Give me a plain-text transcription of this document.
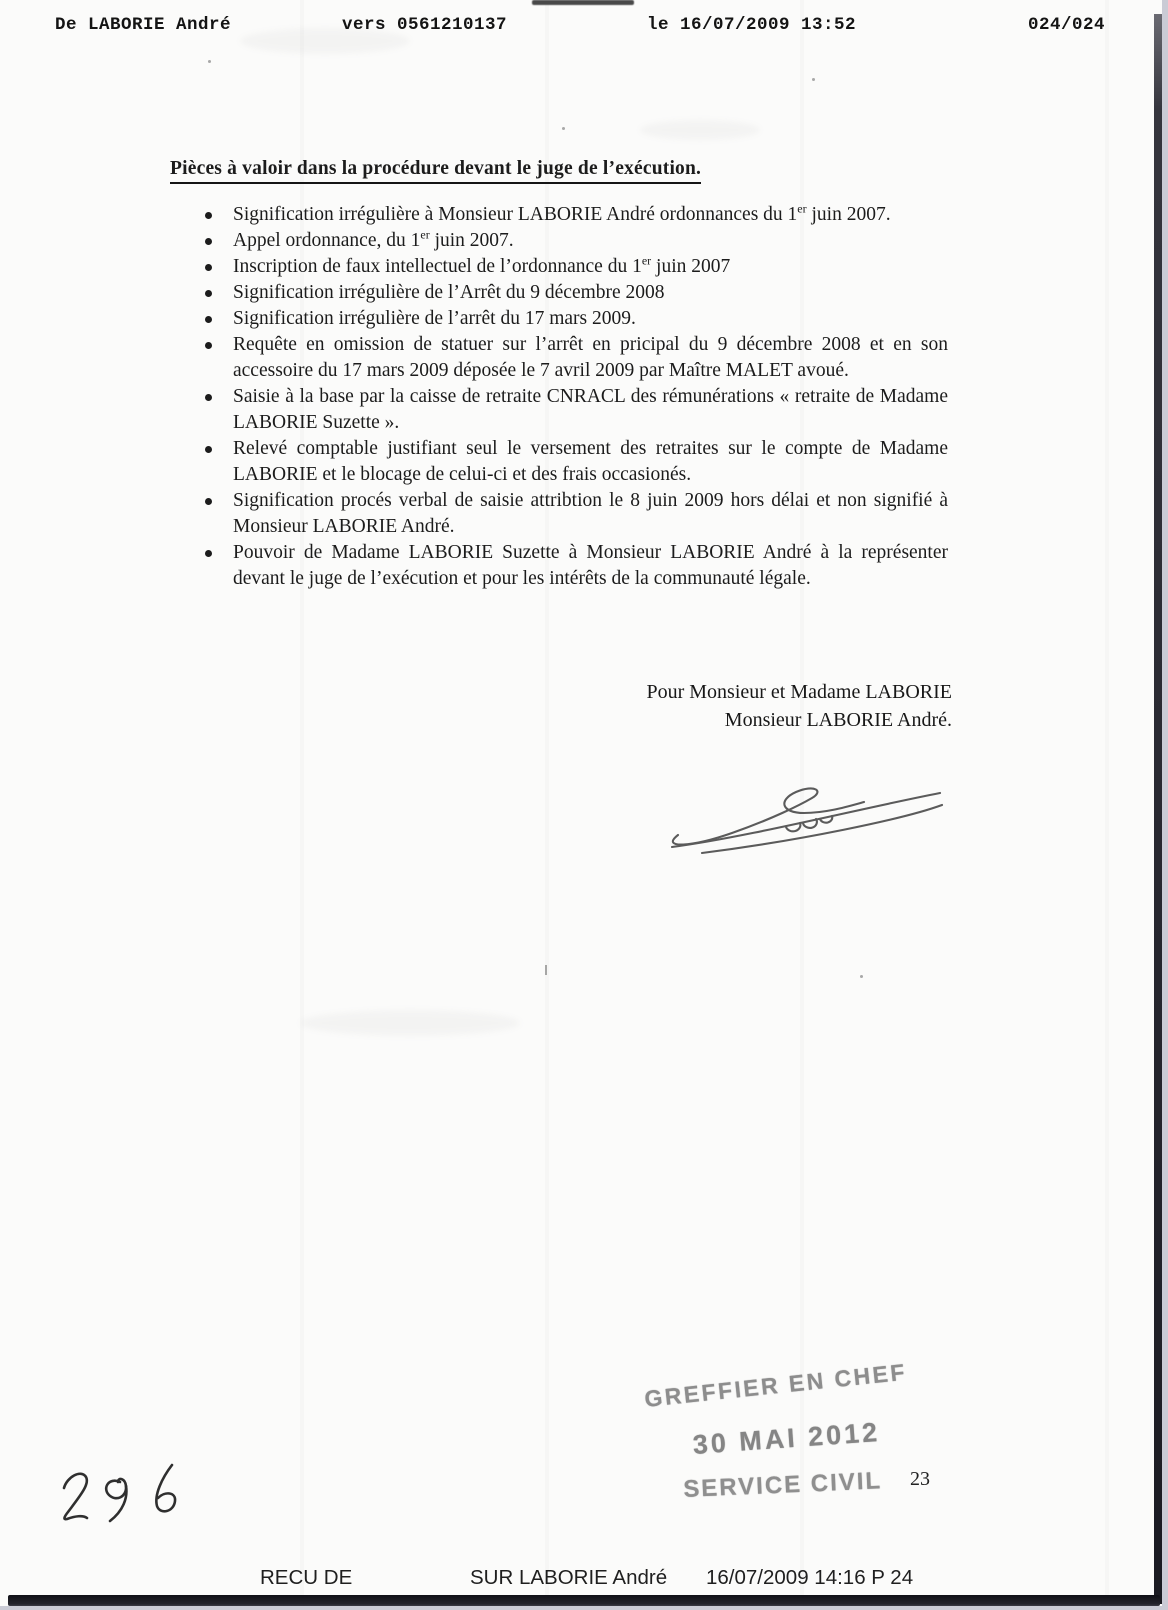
De LABORIE André	vers 0561210137	le 16/07/2009 13:52	024/024
Pièces à valoir dans la procédure devant le juge de l’exécution.
Signification irrégulière à Monsieur LABORIE André ordonnances du 1er juin 2007.
Appel ordonnance, du 1er juin 2007.
Inscription de faux intellectuel de l’ordonnance du 1er juin 2007
Signification irrégulière de l’Arrêt du 9 décembre 2008
Signification irrégulière de l’arrêt du 17 mars 2009.
Requête en omission de statuer sur l’arrêt en pricipal du 9 décembre 2008 et en son accessoire du 17 mars 2009 déposée le 7 avril 2009 par Maître MALET avoué.
Saisie à la base par la caisse de retraite CNRACL des rémunérations « retraite de Madame LABORIE Suzette ».
Relevé comptable justifiant seul le versement des retraites sur le compte de Madame LABORIE et le blocage de celui-ci et des frais occasionés.
Signification procés verbal de saisie attribtion le 8 juin 2009 hors délai et non signifié à Monsieur LABORIE André.
Pouvoir de Madame LABORIE Suzette à Monsieur LABORIE André à la représenter devant le juge de l’exécution et pour les intérêts de la communauté légale.
Pour Monsieur et Madame LABORIE
Monsieur LABORIE André.
GREFFIER EN CHEF
30 MAI 2012
SERVICE CIVIL 23
RECU DE	SUR LABORIE André 16/07/2009 14:16 P 24
